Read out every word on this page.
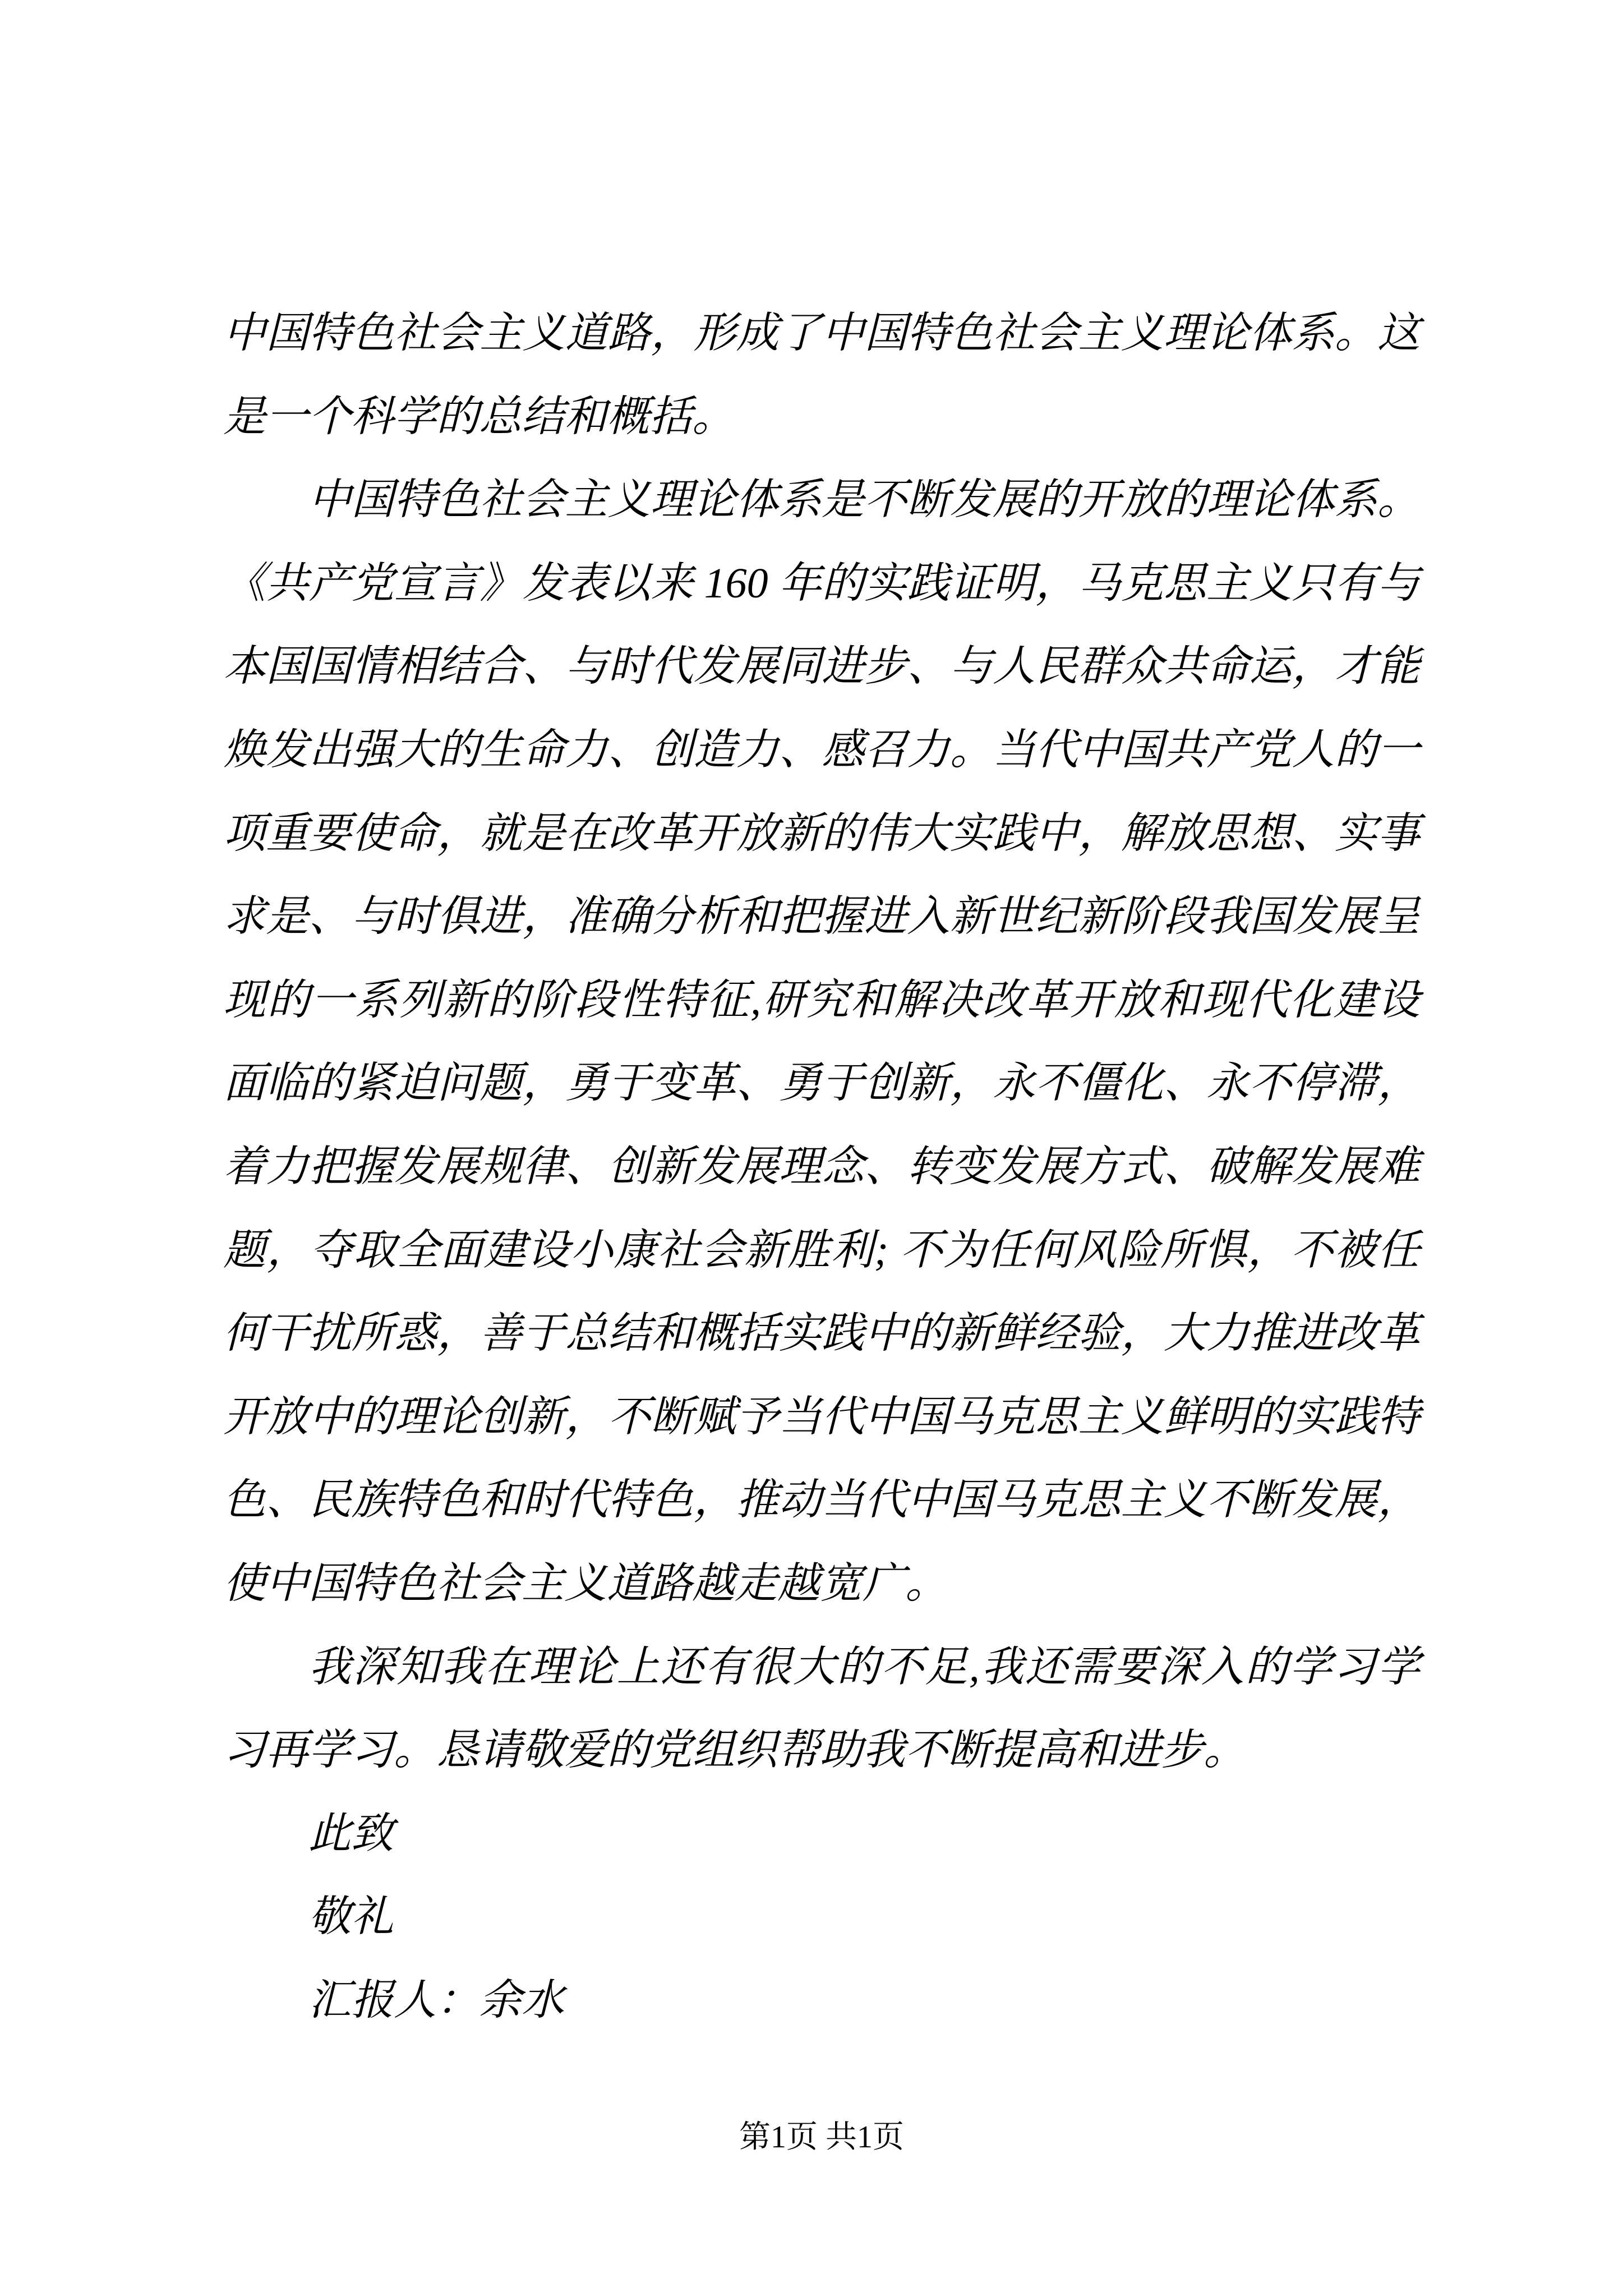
中国特色社会主义道路，形成了中国特色社会主义理论体系。这
是一个科学的总结和概括。
中国特色社会主义理论体系是不断发展的开放的理论体系。
《共产党宣言》发表以来 160 年的实践证明，马克思主义只有与
本国国情相结合、与时代发展同进步、与人民群众共命运，才能
焕发出强大的生命力、创造力、感召力。当代中国共产党人的一
项重要使命，就是在改革开放新的伟大实践中，解放思想、实事
求是、与时俱进，准确分析和把握进入新世纪新阶段我国发展呈
现的一系列新的阶段性特征,研究和解决改革开放和现代化建设
面临的紧迫问题，勇于变革、勇于创新，永不僵化、永不停滞，
着力把握发展规律、创新发展理念、转变发展方式、破解发展难
题，夺取全面建设小康社会新胜利; 不为任何风险所惧，不被任
何干扰所惑，善于总结和概括实践中的新鲜经验，大力推进改革
开放中的理论创新，不断赋予当代中国马克思主义鲜明的实践特
色、民族特色和时代特色，推动当代中国马克思主义不断发展，
使中国特色社会主义道路越走越宽广。
我深知我在理论上还有很大的不足,我还需要深入的学习学
习再学习。恳请敬爱的党组织帮助我不断提高和进步。
此致
敬礼
汇报人：余水
第1页 共1页
